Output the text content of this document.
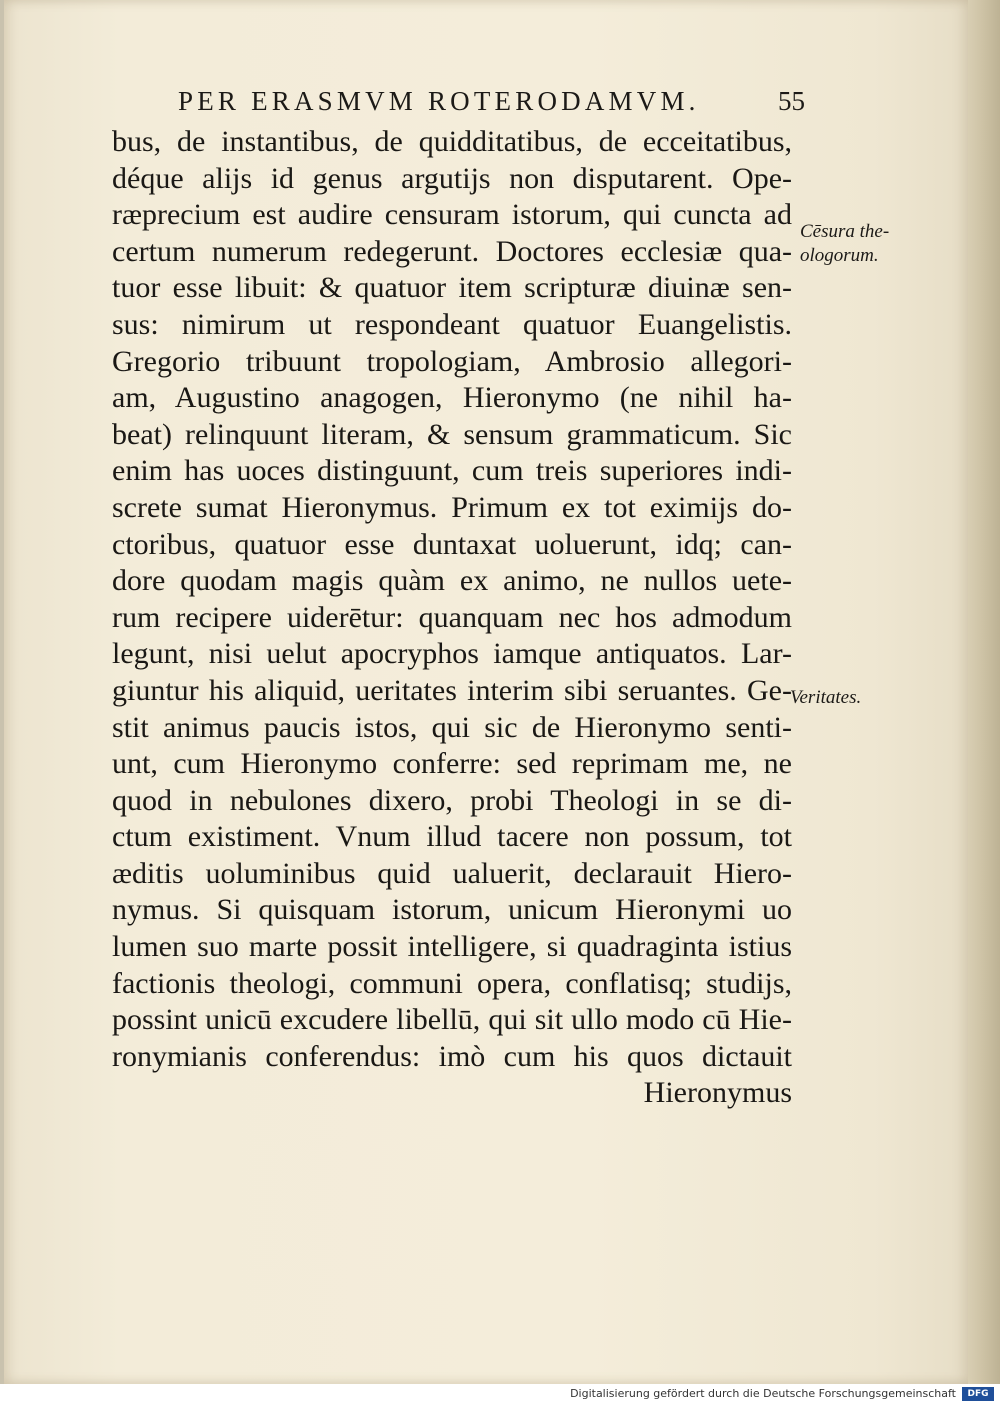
PER ERASMVM ROTERODAMVM.	55
bus, de instantibus, de quidditatibus, de ecceitatibus,
déque aliјs id genus argutiјs non disputarent. Ope-
ræprecium est audire censuram istorum, qui cuncta ad
certum numerum redegerunt. Doctores ecclesiæ qua-
tuor esse libuit: & quatuor item scripturæ diuinæ sen-
sus: nimirum ut respondeant quatuor Euangelistis.
Gregorio tribuunt tropologiam, Ambrosio allegori-
am, Augustino anagogen, Hieronymo (ne nihil ha-
beat) relinquunt literam, & sensum grammaticum. Sic
enim has uoces distinguunt, cum treis superiores indi-
screte sumat Hieronymus. Primum ex tot eximiјs do-
ctoribus, quatuor esse duntaxat uoluerunt, idq; can-
dore quodam magis quàm ex animo, ne nullos uete-
rum recipere uiderētur: quanquam nec hos admodum
legunt, nisi uelut apocryphos iamque antiquatos. Lar-
giuntur his aliquid, ueritates interim sibi seruantes. Ge-
stit animus paucis istos, qui sic de Hieronymo senti-
unt, cum Hieronymo conferre: sed reprimam me, ne
quod in nebulones dixero, probi Theologi in se di-
ctum existiment. Vnum illud tacere non possum, tot
æditis uoluminibus quid ualuerit, declarauit Hiero-
nymus. Si quisquam istorum, unicum Hieronymi uo
lumen suo marte possit intelligere, si quadraginta istius
factionis theologi, communi opera, conflatisq; studiјs,
possint unicū excudere libellū, qui sit ullo modo cū Hie-
ronymianis conferendus: imò cum his quos dictauit
Hieronymus
Cēsura the-
ologorum.
Veritates.
Digitalisierung gefördert durch die Deutsche Forschungsgemeinschaft	DFG
